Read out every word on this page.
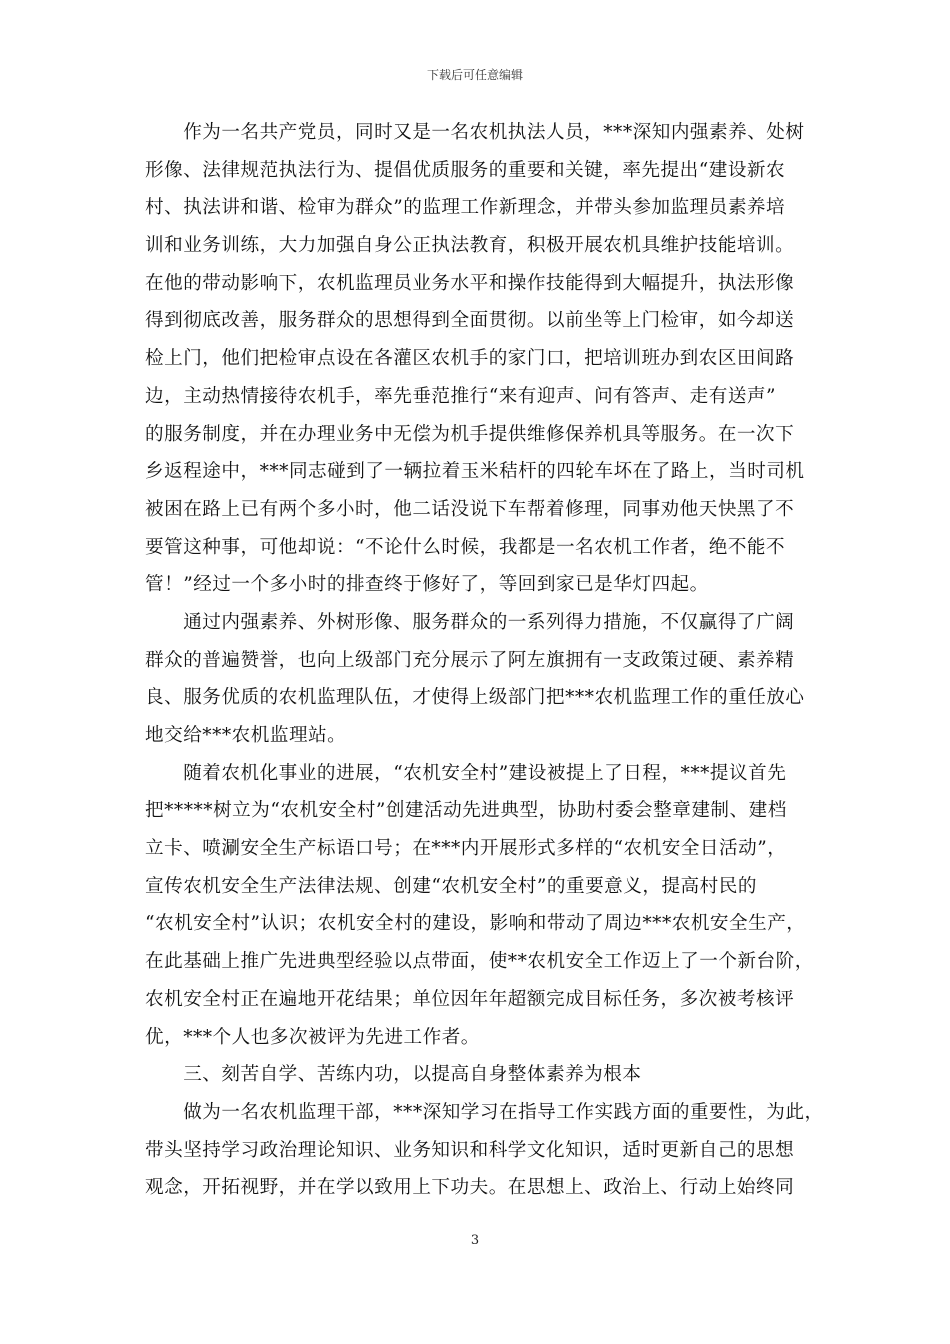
下载后可任意编辑
　　作为一名共产党员，同时又是一名农机执法人员，***深知内强素养、处树
形像、法律规范执法行为、提倡优质服务的重要和关键，率先提出“建设新农
村、执法讲和谐、检审为群众”的监理工作新理念，并带头参加监理员素养培
训和业务训练，大力加强自身公正执法教育，积极开展农机具维护技能培训。
在他的带动影响下，农机监理员业务水平和操作技能得到大幅提升，执法形像
得到彻底改善，服务群众的思想得到全面贯彻。以前坐等上门检审，如今却送
检上门，他们把检审点设在各灌区农机手的家门口，把培训班办到农区田间路
边，主动热情接待农机手，率先垂范推行“来有迎声、问有答声、走有送声”
的服务制度，并在办理业务中无偿为机手提供维修保养机具等服务。在一次下
乡返程途中，***同志碰到了一辆拉着玉米秸杆的四轮车坏在了路上，当时司机
被困在路上已有两个多小时，他二话没说下车帮着修理，同事劝他天快黑了不
要管这种事，可他却说：“不论什么时候，我都是一名农机工作者，绝不能不
管！”经过一个多小时的排查终于修好了，等回到家已是华灯四起。
　　通过内强素养、外树形像、服务群众的一系列得力措施，不仅赢得了广阔
群众的普遍赞誉，也向上级部门充分展示了阿左旗拥有一支政策过硬、素养精
良、服务优质的农机监理队伍，才使得上级部门把***农机监理工作的重任放心
地交给***农机监理站。
　　随着农机化事业的进展，“农机安全村”建设被提上了日程，***提议首先
把*****树立为“农机安全村”创建活动先进典型，协助村委会整章建制、建档
立卡、喷涮安全生产标语口号；在***内开展形式多样的“农机安全日活动”，
宣传农机安全生产法律法规、创建“农机安全村”的重要意义，提高村民的
“农机安全村”认识；农机安全村的建设，影响和带动了周边***农机安全生产，
在此基础上推广先进典型经验以点带面，使**农机安全工作迈上了一个新台阶，
农机安全村正在遍地开花结果；单位因年年超额完成目标任务，多次被考核评
优，***个人也多次被评为先进工作者。
　　三、刻苦自学、苦练内功，以提高自身整体素养为根本
　　做为一名农机监理干部，***深知学习在指导工作实践方面的重要性，为此，
带头坚持学习政治理论知识、业务知识和科学文化知识，适时更新自己的思想
观念，开拓视野，并在学以致用上下功夫。在思想上、政治上、行动上始终同
3
